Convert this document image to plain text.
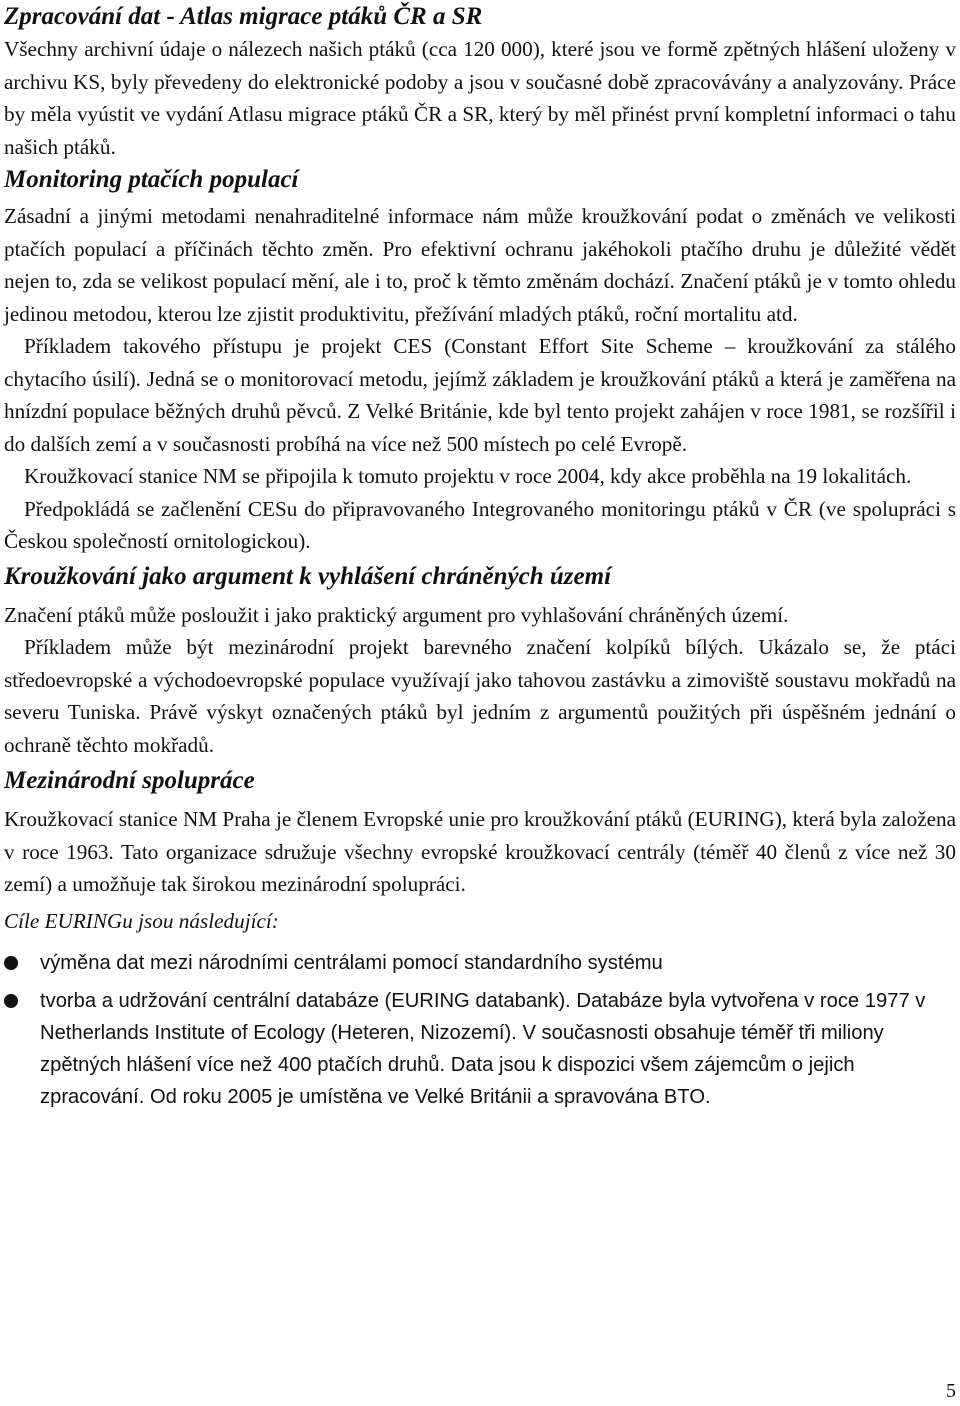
Zpracování dat - Atlas migrace ptáků ČR a SR

Všechny archivní údaje o nálezech našich ptáků (cca 120 000), které jsou ve formě zpětných hlášení uloženy v archivu KS, byly převedeny do elektronické podoby a jsou v současné době zpracovávány a analyzovány. Práce by měla vyústit ve vydání Atlasu migrace ptáků ČR a SR, který by měl přinést první kompletní informaci o tahu našich ptáků.

Monitoring ptačích populací

Zásadní a jinými metodami nenahraditelné informace nám může kroužkování podat o změnách ve velikosti ptačích populací a příčinách těchto změn. Pro efektivní ochranu jakéhokoli ptačího druhu je důležité vědět nejen to, zda se velikost populací mění, ale i to, proč k těmto změnám dochází. Značení ptáků je v tomto ohledu jedinou metodou, kterou lze zjistit produktivitu, přežívání mladých ptáků, roční mortalitu atd.

Příkladem takového přístupu je projekt CES (Constant Effort Site Scheme – kroužkování za stálého chytacího úsilí). Jedná se o monitorovací metodu, jejímž základem je kroužkování ptáků a která je zaměřena na hnízdní populace běžných druhů pěvců. Z Velké Británie, kde byl tento projekt zahájen v roce 1981, se rozšířil i do dalších zemí a v současnosti probíhá na více než 500 místech po celé Evropě.

Kroužkovací stanice NM se připojila k tomuto projektu v roce 2004, kdy akce proběhla na 19 lokalitách.

Předpokládá se začlenění CESu do připravovaného Integrovaného monitoringu ptáků v ČR (ve spolupráci s Českou společností ornitologickou).

Kroužkování jako argument k vyhlášení chráněných území

Značení ptáků může posloužit i jako praktický argument pro vyhlašování chráněných území.

Příkladem může být mezinárodní projekt barevného značení kolpíků bílých. Ukázalo se, že ptáci středoevropské a východoevropské populace využívají jako tahovou zastávku a zimoviště soustavu mokřadů na severu Tuniska. Právě výskyt označených ptáků byl jedním z argumentů použitých při úspěšném jednání o ochraně těchto mokřadů.

Mezinárodní spolupráce

Kroužkovací stanice NM Praha je členem Evropské unie pro kroužkování ptáků (EURING), která byla založena v roce 1963. Tato organizace sdružuje všechny evropské kroužkovací centrály (téměř 40 členů z více než 30 zemí) a umožňuje tak širokou mezinárodní spolupráci.

Cíle EURINGu jsou následující:
výměna dat mezi národními centrálami pomocí standardního systému
tvorba a udržování centrální databáze (EURING databank). Databáze byla vytvořena v roce 1977 v Netherlands Institute of Ecology (Heteren, Nizozemí). V současnosti obsahuje téměř tři miliony zpětných hlášení více než 400 ptačích druhů. Data jsou k dispozici všem zájemcům o jejich zpracování. Od roku 2005 je umístěna ve Velké Británii a spravována BTO.
5
